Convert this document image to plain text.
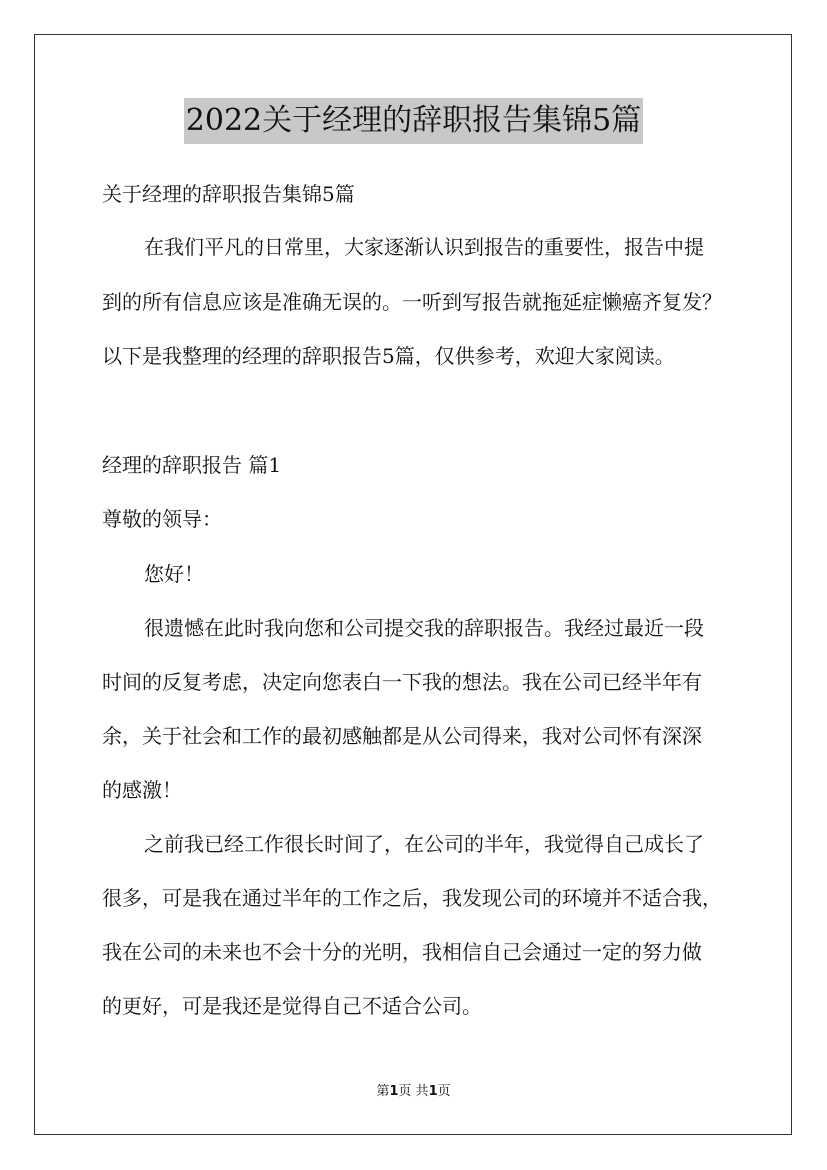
2022关于经理的辞职报告集锦5篇
关于经理的辞职报告集锦5篇
在我们平凡的日常里，大家逐渐认识到报告的重要性，报告中提
到的所有信息应该是准确无误的。一听到写报告就拖延症懒癌齐复发？
以下是我整理的经理的辞职报告5篇，仅供参考，欢迎大家阅读。
经理的辞职报告 篇1
尊敬的领导：
您好！
很遗憾在此时我向您和公司提交我的辞职报告。我经过最近一段
时间的反复考虑，决定向您表白一下我的想法。我在公司已经半年有
余，关于社会和工作的最初感触都是从公司得来，我对公司怀有深深
的感激！
之前我已经工作很长时间了，在公司的半年，我觉得自己成长了
很多，可是我在通过半年的工作之后，我发现公司的环境并不适合我，
我在公司的未来也不会十分的光明，我相信自己会通过一定的努力做
的更好，可是我还是觉得自己不适合公司。
第1页 共1页
